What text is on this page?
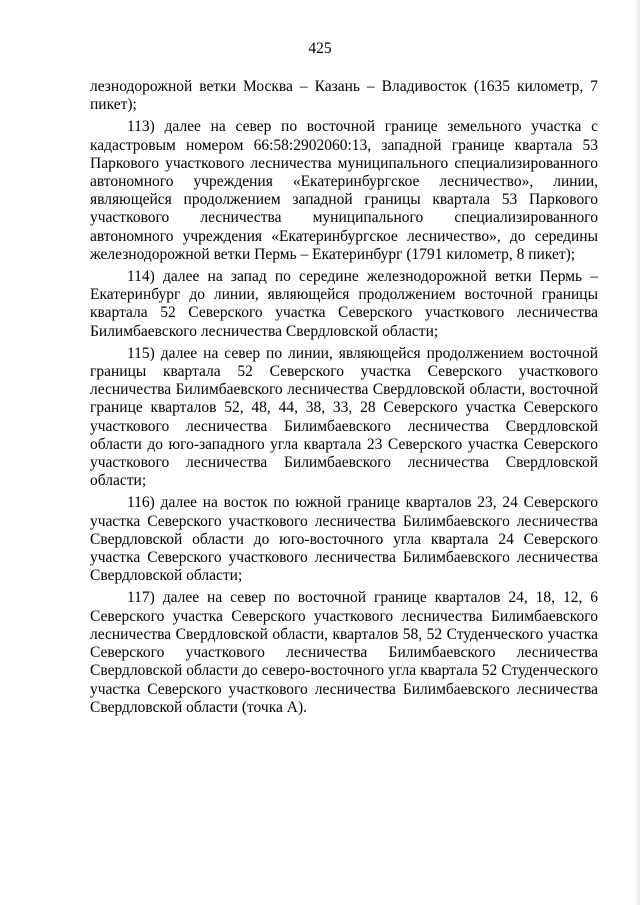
425

лезнодорожной ветки Москва – Казань – Владивосток (1635 километр, 7 пикет);

113) далее на север по восточной границе земельного участка с кадастровым номером 66:58:2902060:13, западной границе квартала 53 Паркового участкового лесничества муниципального специализированного автономного учреждения «Екатеринбургское лесничество», линии, являющейся продолжением западной границы квартала 53 Паркового участкового лесничества муниципального специализированного автономного учреждения «Екатеринбургское лесничество», до середины железнодорожной ветки Пермь – Екатеринбург (1791 километр, 8 пикет);

114) далее на запад по середине железнодорожной ветки Пермь – Екатеринбург до линии, являющейся продолжением восточной границы квартала 52 Северского участка Северского участкового лесничества Билимбаевского лесничества Свердловской области;

115) далее на север по линии, являющейся продолжением восточной границы квартала 52 Северского участка Северского участкового лесничества Билимбаевского лесничества Свердловской области, восточной границе кварталов 52, 48, 44, 38, 33, 28 Северского участка Северского участкового лесничества Билимбаевского лесничества Свердловской области до юго-западного угла квартала 23 Северского участка Северского участкового лесничества Билимбаевского лесничества Свердловской области;

116) далее на восток по южной границе кварталов 23, 24 Северского участка Северского участкового лесничества Билимбаевского лесничества Свердловской области до юго-восточного угла квартала 24 Северского участка Северского участкового лесничества Билимбаевского лесничества Свердловской области;

117) далее на север по восточной границе кварталов 24, 18, 12, 6 Северского участка Северского участкового лесничества Билимбаевского лесничества Свердловской области, кварталов 58, 52 Студенческого участка Северского участкового лесничества Билимбаевского лесничества Свердловской области до северо-восточного угла квартала 52 Студенческого участка Северского участкового лесничества Билимбаевского лесничества Свердловской области (точка А).
